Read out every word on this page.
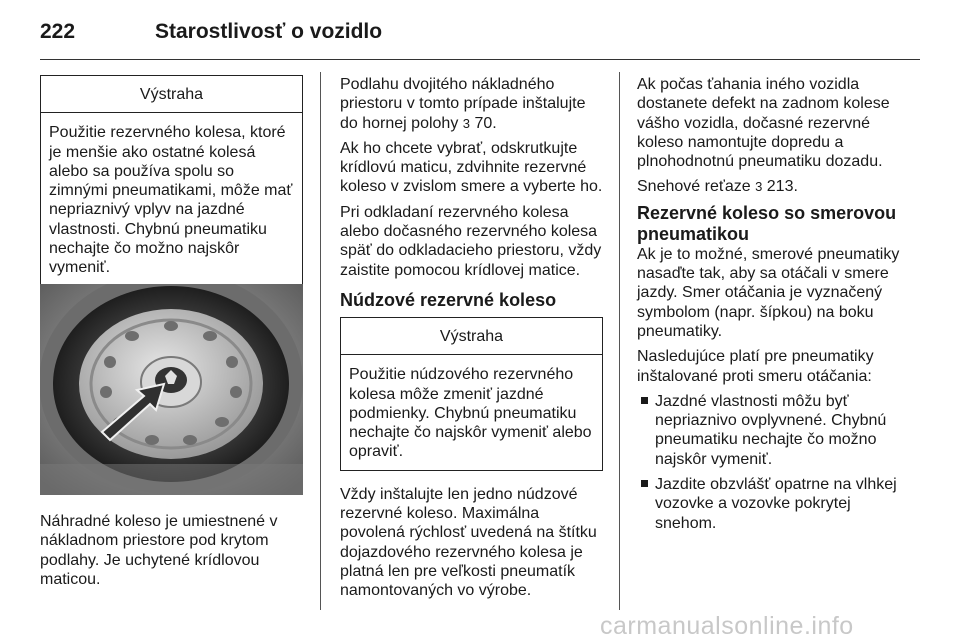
222	Starostlivosť o vozidlo
Výstraha
Použitie rezervného kolesa, ktoré je menšie ako ostatné kolesá alebo sa používa spolu so zimnými pneumatikami, môže mať nepriaznivý vplyv na jazdné vlastnosti. Chybnú pneumatiku nechajte čo možno najskôr vymeniť.

Náhradné koleso je umiestnené v nákladnom priestore pod krytom podlahy. Je uchytené krídlovou maticou.

Podlahu dvojitého nákladného priestoru v tomto prípade inštalujte do hornej polohy 3 70.

Ak ho chcete vybrať, odskrutkujte krídlovú maticu, zdvihnite rezervné koleso v zvislom smere a vyberte ho.

Pri odkladaní rezervného kolesa alebo dočasného rezervného kolesa späť do odkladacieho priestoru, vždy zaistite pomocou krídlovej matice.

Núdzové rezervné koleso
Výstraha
Použitie núdzového rezervného kolesa môže zmeniť jazdné podmienky. Chybnú pneumatiku nechajte čo najskôr vymeniť alebo opraviť.

Vždy inštalujte len jedno núdzové rezervné koleso. Maximálna povolená rýchlosť uvedená na štítku dojazdového rezervného kolesa je platná len pre veľkosti pneumatík namontovaných vo výrobe.

Ak počas ťahania iného vozidla dostanete defekt na zadnom kolese vášho vozidla, dočasné rezervné koleso namontujte dopredu a plnohodnotnú pneumatiku dozadu.

Snehové reťaze 3 213.

Rezervné koleso so smerovou pneumatikou

Ak je to možné, smerové pneumatiky nasaďte tak, aby sa otáčali v smere jazdy. Smer otáčania je vyznačený symbolom (napr. šípkou) na boku pneumatiky.

Nasledujúce platí pre pneumatiky inštalované proti smeru otáčania:

Jazdné vlastnosti môžu byť nepriaznivo ovplyvnené. Chybnú pneumatiku nechajte čo možno najskôr vymeniť.
Jazdite obzvlášť opatrne na vlhkej vozovke a vozovke pokrytej snehom.
carmanualsonline.info
